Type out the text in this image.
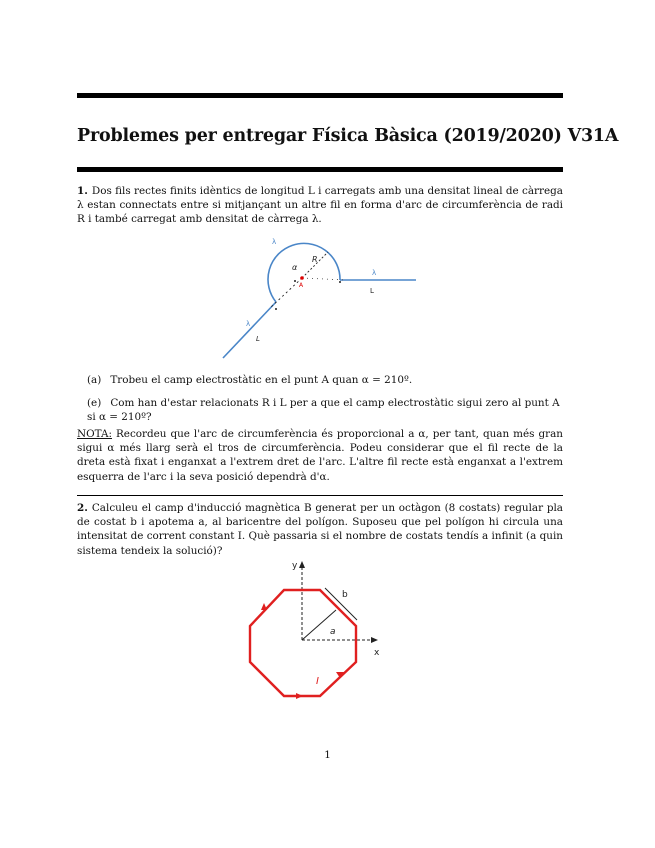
Problemes per entregar Física Bàsica (2019/2020) V31A
1. Dos fils rectes finits idèntics de longitud L i carregats amb una densitat lineal de càrrega λ estan connectats entre si mitjançant un altre fil en forma d'arc de circumferència de radi R i també carregat amb densitat de càrrega λ.
λ
λ
λ
R
α
A
L
L
(a) Trobeu el camp electrostàtic en el punt A quan α = 210º.
(e) Com han d'estar relacionats R i L per a que el camp electrostàtic sigui zero al punt A si α = 210º?
NOTA: Recordeu que l'arc de circumferència és proporcional a α, per tant, quan més gran sigui α més llarg serà el tros de circumferència. Podeu considerar que el fil recte de la dreta està fixat i enganxat a l'extrem dret de l'arc. L'altre fil recte està enganxat a l'extrem esquerra de l'arc i la seva posició dependrà d'α.
2. Calculeu el camp d'inducció magnètica B generat per un octàgon (8 costats) regular pla de costat b i apotema a, al baricentre del polígon. Suposeu que pel polígon hi circula una intensitat de corrent constant I. Què passaria si el nombre de costats tendís a infinit (a quin sistema tendeix la solució)?
y
x
b
a
I
1
